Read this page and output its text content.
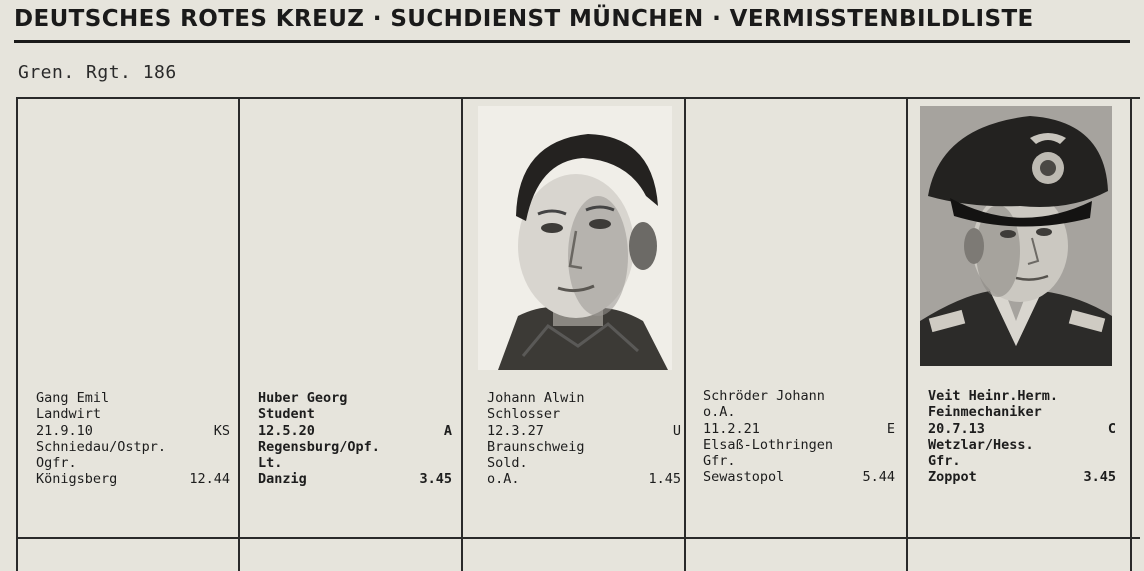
DEUTSCHES ROTES KREUZ · SUCHDIENST MÜNCHEN · VERMISSTENBILDLISTE
Gren. Rgt. 186
Gang Emil
Landwirt
21.9.10	KS
Schniedau/Ostpr.
Ogfr.
Königsberg	12.44
Huber Georg
Student
12.5.20	A
Regensburg/Opf.
Lt.
Danzig	3.45
Johann Alwin
Schlosser
12.3.27	U
Braunschweig
Sold.
o.A.	1.45
Schröder Johann
o.A.
11.2.21	E
Elsaß-Lothringen
Gfr.
Sewastopol	5.44
Veit Heinr.Herm.
Feinmechaniker
20.7.13	C
Wetzlar/Hess.
Gfr.
Zoppot	3.45
